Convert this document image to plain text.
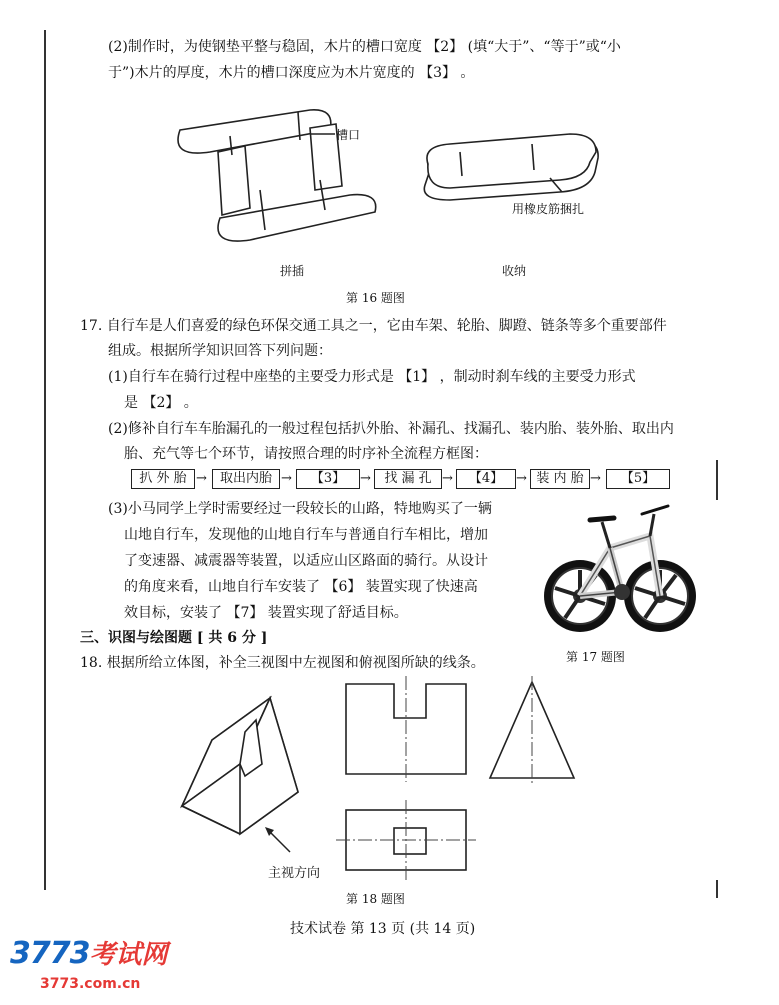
(2)制作时，为使钢垫平整与稳固，木片的槽口宽度 【2】 (填“大于”、“等于”或“小
于”)木片的厚度，木片的槽口深度应为木片宽度的 【3】 。
槽口
用橡皮筋捆扎
拼插	收纳
第 16 题图
17. 自行车是人们喜爱的绿色环保交通工具之一，它由车架、轮胎、脚蹬、链条等多个重要部件
组成。根据所学知识回答下列问题：
(1)自行车在骑行过程中座垫的主要受力形式是 【1】 ，制动时刹车线的主要受力形式
是 【2】 。
(2)修补自行车车胎漏孔的一般过程包括扒外胎、补漏孔、找漏孔、装内胎、装外胎、取出内
胎、充气等七个环节，请按照合理的时序补全流程方框图：
扒 外 胎 →	取出内胎 →	【3】	→	找 漏 孔 →	【4】 → 装 内 胎 →	【5】
(3)小马同学上学时需要经过一段较长的山路，特地购买了一辆
山地自行车，发现他的山地自行车与普通自行车相比，增加
了变速器、减震器等装置，以适应山区路面的骑行。从设计
的角度来看，山地自行车安装了 【6】 装置实现了快速高
效目标，安装了 【7】 装置实现了舒适目标。
第 17 题图
三、识图与绘图题 [ 共 6 分 ]
18. 根据所给立体图，补全三视图中左视图和俯视图所缺的线条。
主视方向
第 18 题图
技术试卷 第 13 页 (共 14 页)
3773考试网
3773.com.cn
